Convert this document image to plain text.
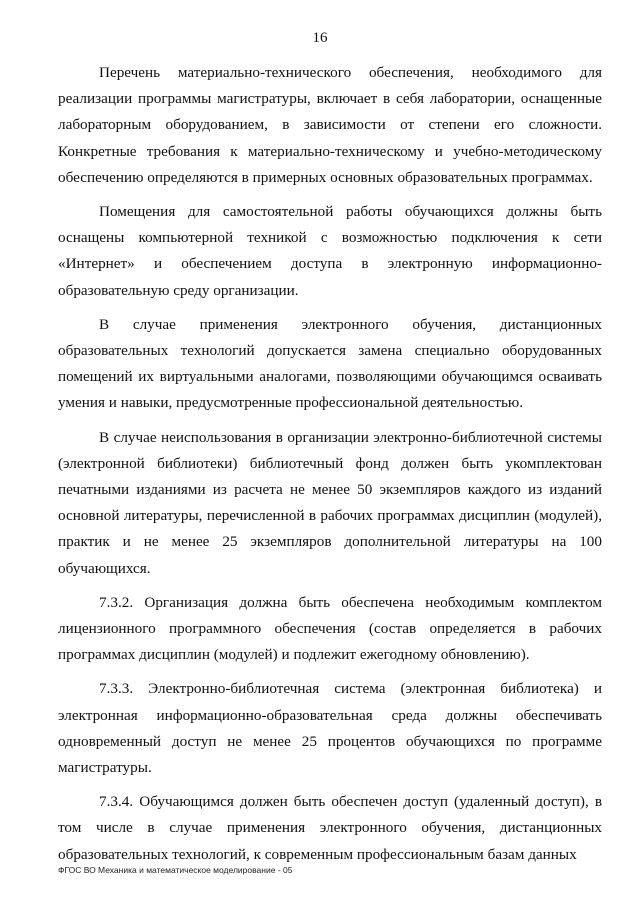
16

Перечень материально-технического обеспечения, необходимого для реализации программы магистратуры, включает в себя лаборатории, оснащенные лабораторным оборудованием, в зависимости от степени его сложности. Конкретные требования к материально-техническому и учебно-методическому обеспечению определяются в примерных основных образовательных программах.

Помещения для самостоятельной работы обучающихся должны быть оснащены компьютерной техникой с возможностью подключения к сети «Интернет» и обеспечением доступа в электронную информационно-образовательную среду организации.

В случае применения электронного обучения, дистанционных образовательных технологий допускается замена специально оборудованных помещений их виртуальными аналогами, позволяющими обучающимся осваивать умения и навыки, предусмотренные профессиональной деятельностью.

В случае неиспользования в организации электронно-библиотечной системы (электронной библиотеки) библиотечный фонд должен быть укомплектован печатными изданиями из расчета не менее 50 экземпляров каждого из изданий основной литературы, перечисленной в рабочих программах дисциплин (модулей), практик и не менее 25 экземпляров дополнительной литературы на 100 обучающихся.

7.3.2. Организация должна быть обеспечена необходимым комплектом лицензионного программного обеспечения (состав определяется в рабочих программах дисциплин (модулей) и подлежит ежегодному обновлению).

7.3.3. Электронно-библиотечная система (электронная библиотека) и электронная информационно-образовательная среда должны обеспечивать одновременный доступ не менее 25 процентов обучающихся по программе магистратуры.

7.3.4. Обучающимся должен быть обеспечен доступ (удаленный доступ), в том числе в случае применения электронного обучения, дистанционных образовательных технологий, к современным профессиональным базам данных

ФГОС ВО Механика и математическое моделирование - 05
